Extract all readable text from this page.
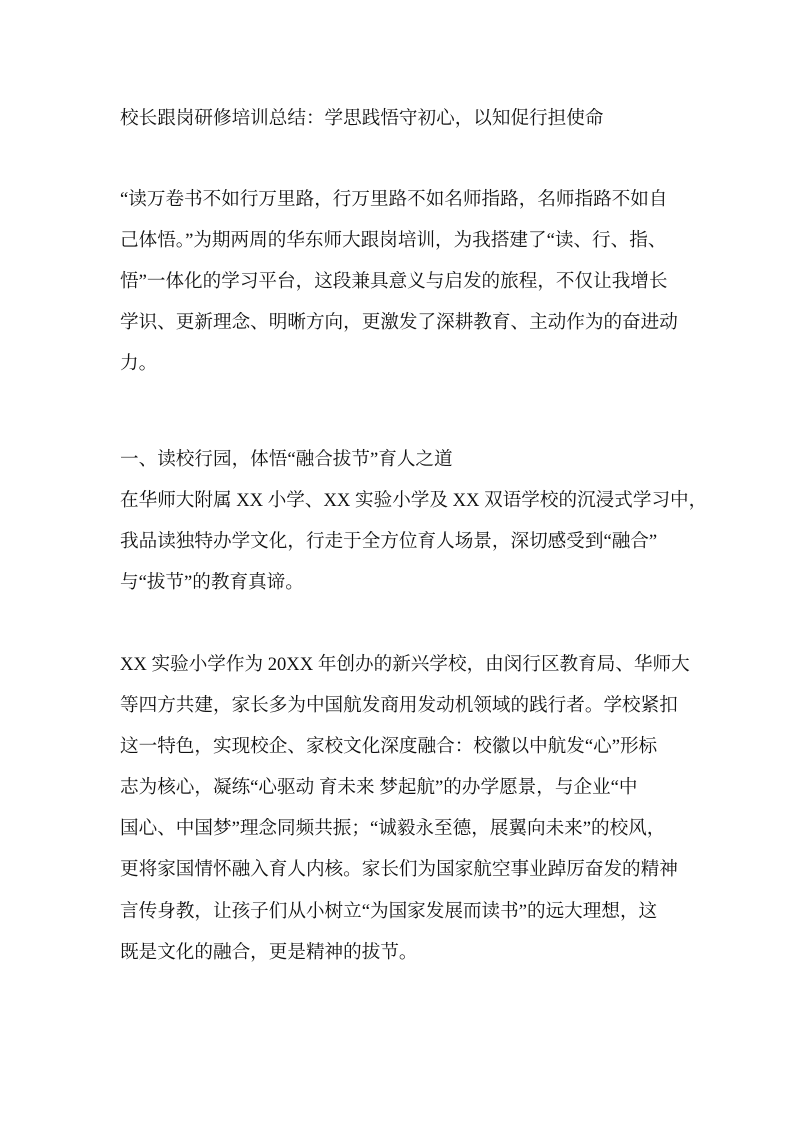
校长跟岗研修培训总结：学思践悟守初心，以知促行担使命
“读万卷书不如行万里路，行万里路不如名师指路，名师指路不如自
己体悟。”为期两周的华东师大跟岗培训，为我搭建了“读、行、指、
悟”一体化的学习平台，这段兼具意义与启发的旅程，不仅让我增长
学识、更新理念、明晰方向，更激发了深耕教育、主动作为的奋进动
力。
一、读校行园，体悟“融合拔节”育人之道
在华师大附属 XX 小学、XX 实验小学及 XX 双语学校的沉浸式学习中，
我品读独特办学文化，行走于全方位育人场景，深切感受到“融合”
与“拔节”的教育真谛。
XX 实验小学作为 20XX 年创办的新兴学校，由闵行区教育局、华师大
等四方共建，家长多为中国航发商用发动机领域的践行者。学校紧扣
这一特色，实现校企、家校文化深度融合：校徽以中航发“心”形标
志为核心，凝练“心驱动 育未来 梦起航”的办学愿景，与企业“中
国心、中国梦”理念同频共振；“诚毅永至德，展翼向未来”的校风，
更将家国情怀融入育人内核。家长们为国家航空事业踔厉奋发的精神
言传身教，让孩子们从小树立“为国家发展而读书”的远大理想，这
既是文化的融合，更是精神的拔节。
